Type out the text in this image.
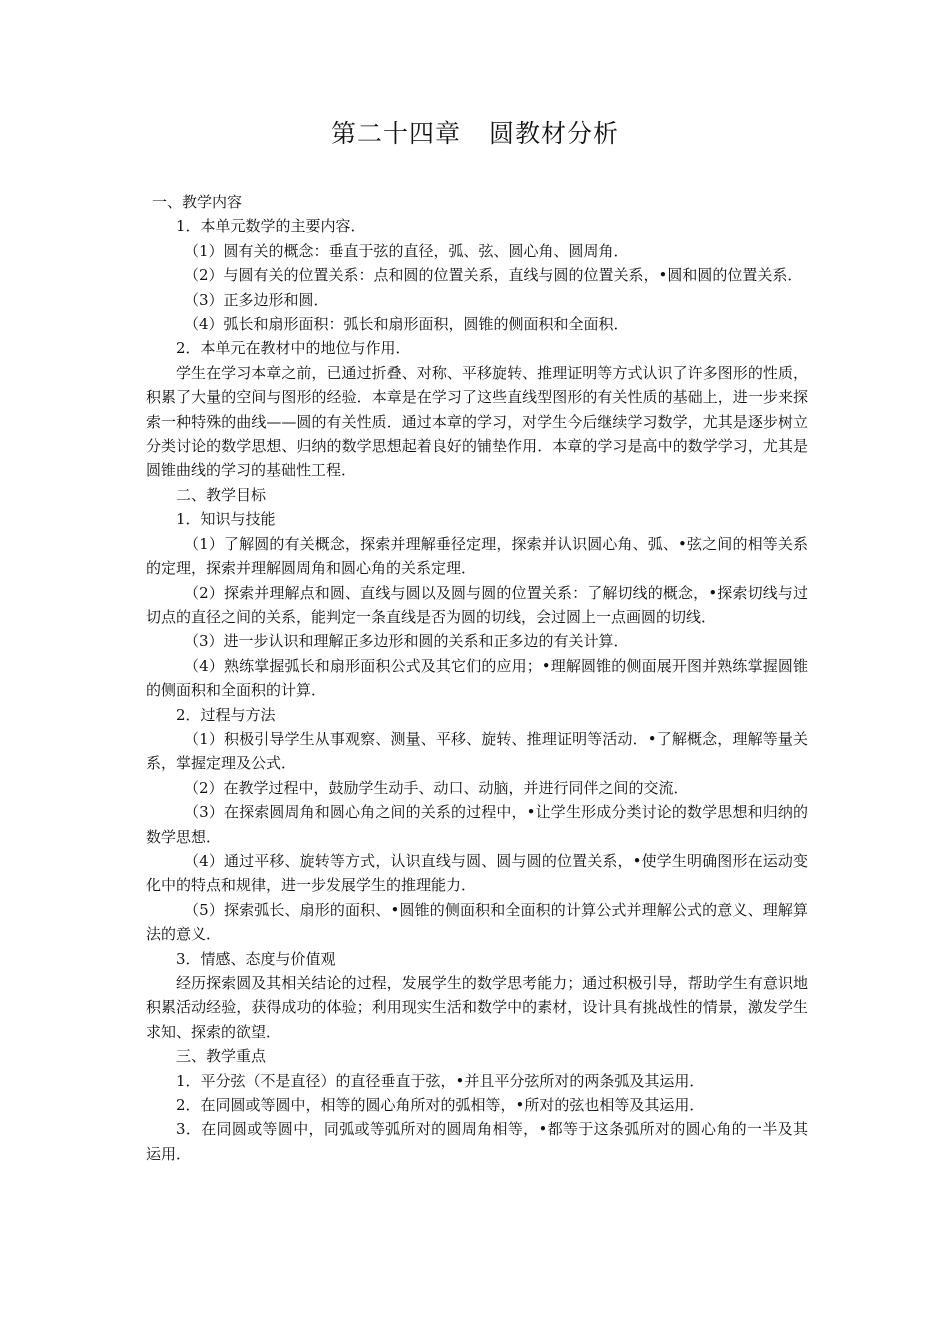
第二十四章 圆教材分析

一、教学内容

1．本单元数学的主要内容．

（1）圆有关的概念：垂直于弦的直径，弧、弦、圆心角、圆周角．

（2）与圆有关的位置关系：点和圆的位置关系，直线与圆的位置关系，•圆和圆的位置关系．

（3）正多边形和圆．

（4）弧长和扇形面积：弧长和扇形面积，圆锥的侧面积和全面积．

2．本单元在教材中的地位与作用．

学生在学习本章之前，已通过折叠、对称、平移旋转、推理证明等方式认识了许多图形的性质，积累了大量的空间与图形的经验．本章是在学习了这些直线型图形的有关性质的基础上，进一步来探索一种特殊的曲线——圆的有关性质．通过本章的学习，对学生今后继续学习数学，尤其是逐步树立分类讨论的数学思想、归纳的数学思想起着良好的铺垫作用．本章的学习是高中的数学学习，尤其是圆锥曲线的学习的基础性工程．

二、教学目标

1．知识与技能

（1）了解圆的有关概念，探索并理解垂径定理，探索并认识圆心角、弧、•弦之间的相等关系的定理，探索并理解圆周角和圆心角的关系定理．

（2）探索并理解点和圆、直线与圆以及圆与圆的位置关系：了解切线的概念，•探索切线与过切点的直径之间的关系，能判定一条直线是否为圆的切线，会过圆上一点画圆的切线．

（3）进一步认识和理解正多边形和圆的关系和正多边的有关计算．

（4）熟练掌握弧长和扇形面积公式及其它们的应用；•理解圆锥的侧面展开图并熟练掌握圆锥的侧面积和全面积的计算．

2．过程与方法

（1）积极引导学生从事观察、测量、平移、旋转、推理证明等活动．•了解概念，理解等量关系，掌握定理及公式．

（2）在教学过程中，鼓励学生动手、动口、动脑，并进行同伴之间的交流．

（3）在探索圆周角和圆心角之间的关系的过程中，•让学生形成分类讨论的数学思想和归纳的数学思想．

（4）通过平移、旋转等方式，认识直线与圆、圆与圆的位置关系，•使学生明确图形在运动变化中的特点和规律，进一步发展学生的推理能力．

（5）探索弧长、扇形的面积、•圆锥的侧面积和全面积的计算公式并理解公式的意义、理解算法的意义．

3．情感、态度与价值观

经历探索圆及其相关结论的过程，发展学生的数学思考能力；通过积极引导，帮助学生有意识地积累活动经验，获得成功的体验；利用现实生活和数学中的素材，设计具有挑战性的情景，激发学生求知、探索的欲望．

三、教学重点

1．平分弦（不是直径）的直径垂直于弦，•并且平分弦所对的两条弧及其运用．

2．在同圆或等圆中，相等的圆心角所对的弧相等，•所对的弦也相等及其运用．

3．在同圆或等圆中，同弧或等弧所对的圆周角相等，•都等于这条弧所对的圆心角的一半及其运用．
